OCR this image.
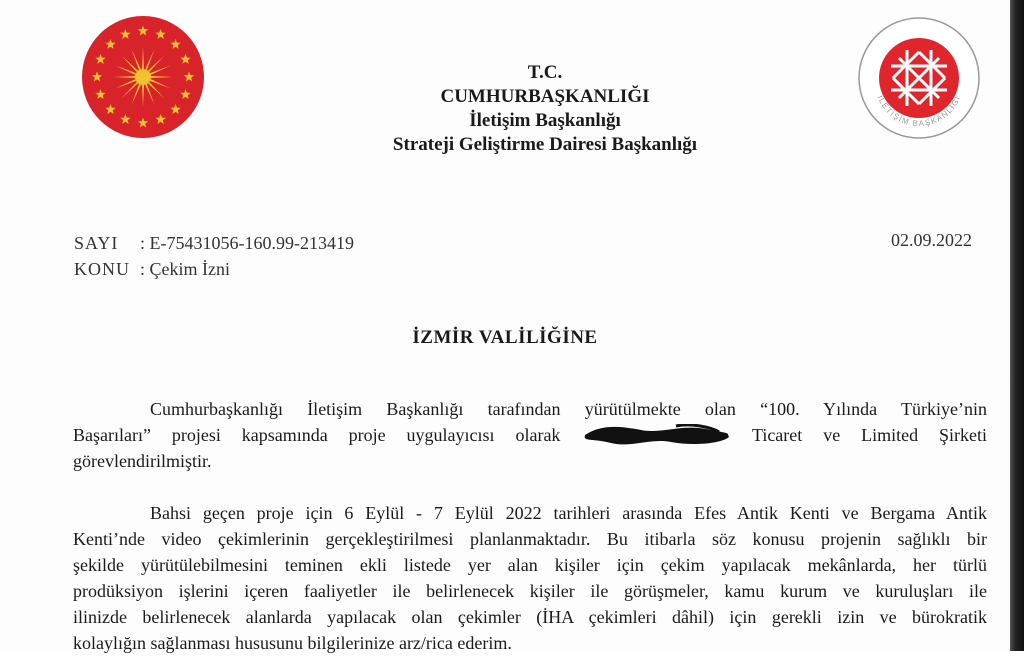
İLETİŞİM BAŞKANLIĞI
T.C.
CUMHURBAŞKANLIĞI
İletişim Başkanlığı
Strateji Geliştirme Dairesi Başkanlığı
SAYI : E-75431056-160.99-213419
KONU : Çekim İzni
02.09.2022
İZMİR VALİLİĞİNE
Cumhurbaşkanlığı İletişim Başkanlığı tarafından yürütülmekte olan “100. Yılında Türkiye’nin
Başarıları” projesi kapsamında proje uygulayıcısı olarak	Ticaret ve Limited Şirketi
görevlendirilmiştir.
Bahsi geçen proje için 6 Eylül - 7 Eylül 2022 tarihleri arasında Efes Antik Kenti ve Bergama Antik
Kenti’nde video çekimlerinin gerçekleştirilmesi planlanmaktadır. Bu itibarla söz konusu projenin sağlıklı bir
şekilde yürütülebilmesini teminen ekli listede yer alan kişiler için çekim yapılacak mekânlarda, her türlü
prodüksiyon işlerini içeren faaliyetler ile belirlenecek kişiler ile görüşmeler, kamu kurum ve kuruluşları ile
ilinizde belirlenecek alanlarda yapılacak olan çekimler (İHA çekimleri dâhil) için gerekli izin ve bürokratik
kolaylığın sağlanması hususunu bilgilerinize arz/rica ederim.
